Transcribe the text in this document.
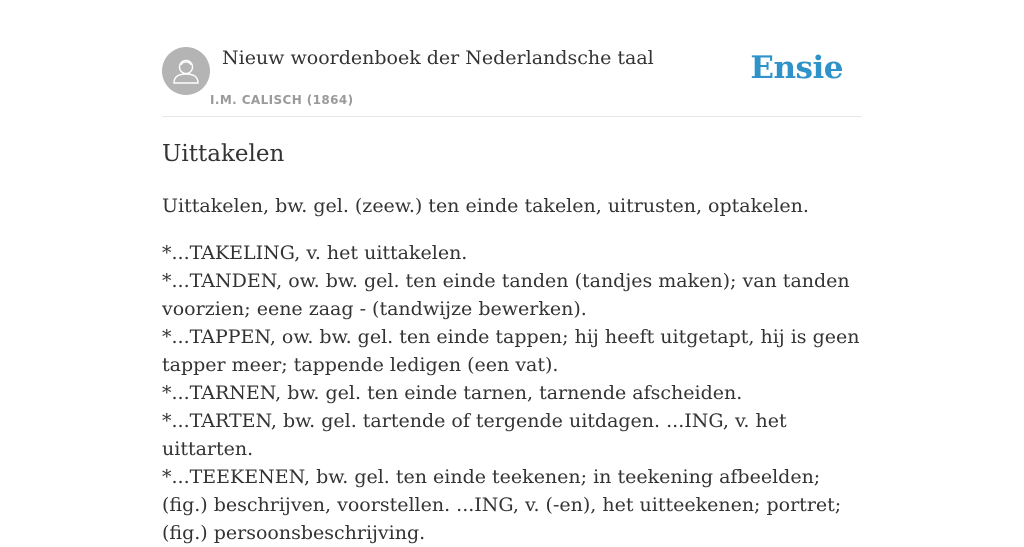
Nieuw woordenboek der Nederlandsche taal
I.M. CALISCH (1864)
Ensie
Uittakelen

Uittakelen, bw. gel. (zeew.) ten einde takelen, uitrusten, optakelen.

*...TAKELING, v. het uittakelen.
*...TANDEN, ow. bw. gel. ten einde tanden (tandjes maken); van tanden voorzien; eene zaag - (tandwijze bewerken).
*...TAPPEN, ow. bw. gel. ten einde tappen; hij heeft uitgetapt, hij is geen tapper meer; tappende ledigen (een vat).
*...TARNEN, bw. gel. ten einde tarnen, tarnende afscheiden.
*...TARTEN, bw. gel. tartende of tergende uitdagen. ...ING, v. het uittarten.
*...TEEKENEN, bw. gel. ten einde teekenen; in teekening afbeelden; (fig.) beschrijven, voorstellen. ...ING, v. (-en), het uitteekenen; portret; (fig.) persoonsbeschrijving.
